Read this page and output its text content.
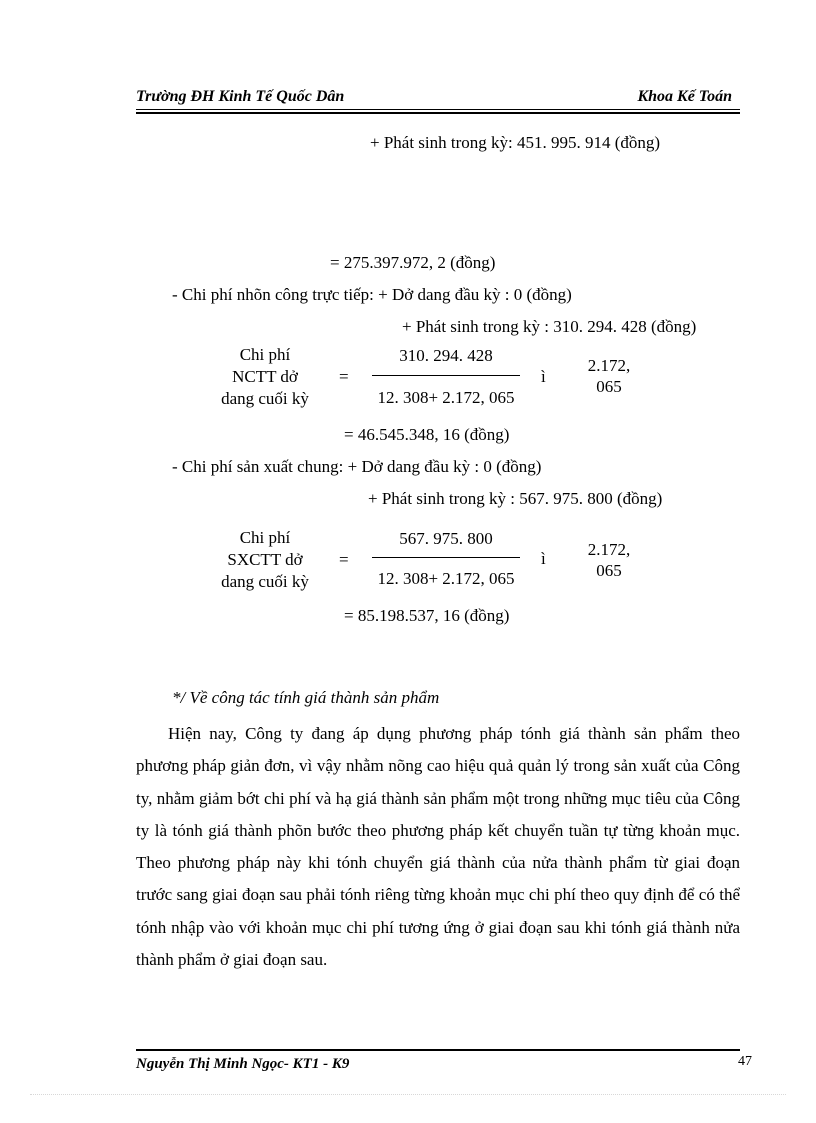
Trường ĐH Kinh Tế Quốc Dân	Khoa Kế Toán
+ Phát sinh trong kỳ: 451. 995. 914 (đồng)
= 275.397.972, 2 (đồng)
- Chi phí nhõn công trực tiếp: + Dở dang đầu kỳ : 0 (đồng)
+ Phát sinh trong kỳ : 310. 294. 428 (đồng)
Chi phí
NCTT dở
dang cuối kỳ
=
310. 294. 428
12. 308+ 2.172, 065
ì
2.172,
065
= 46.545.348, 16 (đồng)
- Chi phí sản xuất chung: + Dở dang đầu kỳ : 0 (đồng)
+ Phát sinh trong kỳ : 567. 975. 800 (đồng)
Chi phí
SXCTT dở
dang cuối kỳ
=
567. 975. 800
12. 308+ 2.172, 065
ì	2.172,
065
= 85.198.537, 16 (đồng)
*/ Về công tác tính giá thành sản phẩm

Hiện nay, Công ty đang áp dụng phương pháp tónh giá thành sản phẩm theo phương pháp giản đơn, vì vậy nhằm nõng cao hiệu quả quản lý trong sản xuất của Công ty, nhằm giảm bớt chi phí và hạ giá thành sản phẩm một trong những mục tiêu của Công ty là tónh giá thành phõn bước theo phương pháp kết chuyển tuần tự từng khoản mục. Theo phương pháp này khi tónh chuyển giá thành của nửa thành phẩm từ giai đoạn trước sang giai đoạn sau phải tónh riêng từng khoản mục chi phí theo quy định để có thể tónh nhập vào với khoản mục chi phí tương ứng ở giai đoạn sau khi tónh giá thành nửa thành phẩm ở giai đoạn sau.

Nguyễn Thị Minh Ngọc- KT1 - K9	47
